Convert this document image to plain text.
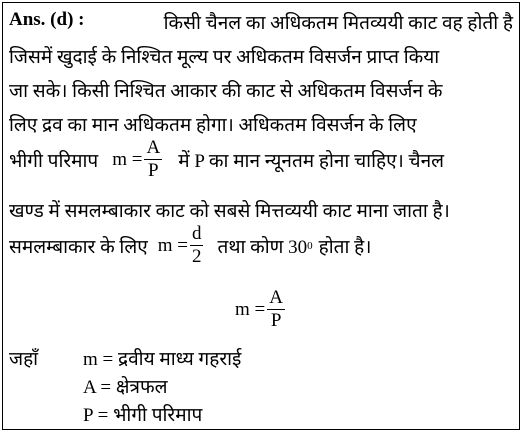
Ans. (d) :	किसी चैनल का अधिकतम मितव्ययी काट वह होती है
जिसमें खुदाई के निश्चित मूल्य पर अधिकतम विसर्जन प्राप्त किया
जा सके। किसी निश्चित आकार की काट से अधिकतम विसर्जन के
लिए द्रव का मान अधिकतम होगा। अधिकतम विसर्जन के लिए
भीगी परिमाप $m = \frac{A}{P}$ में P का मान न्यूनतम होना चाहिए। चैनल
खण्ड में समलम्बाकार काट को सबसे मित्तव्ययी काट माना जाता है।
समलम्बाकार के लिए $m = \frac{d}{2}$ तथा कोण 30 0 होता है।
$m = \frac{A}{P}$
जहाँ m = द्रवीय माध्य गहराई
A = क्षेत्रफल
P = भीगी परिमाप
